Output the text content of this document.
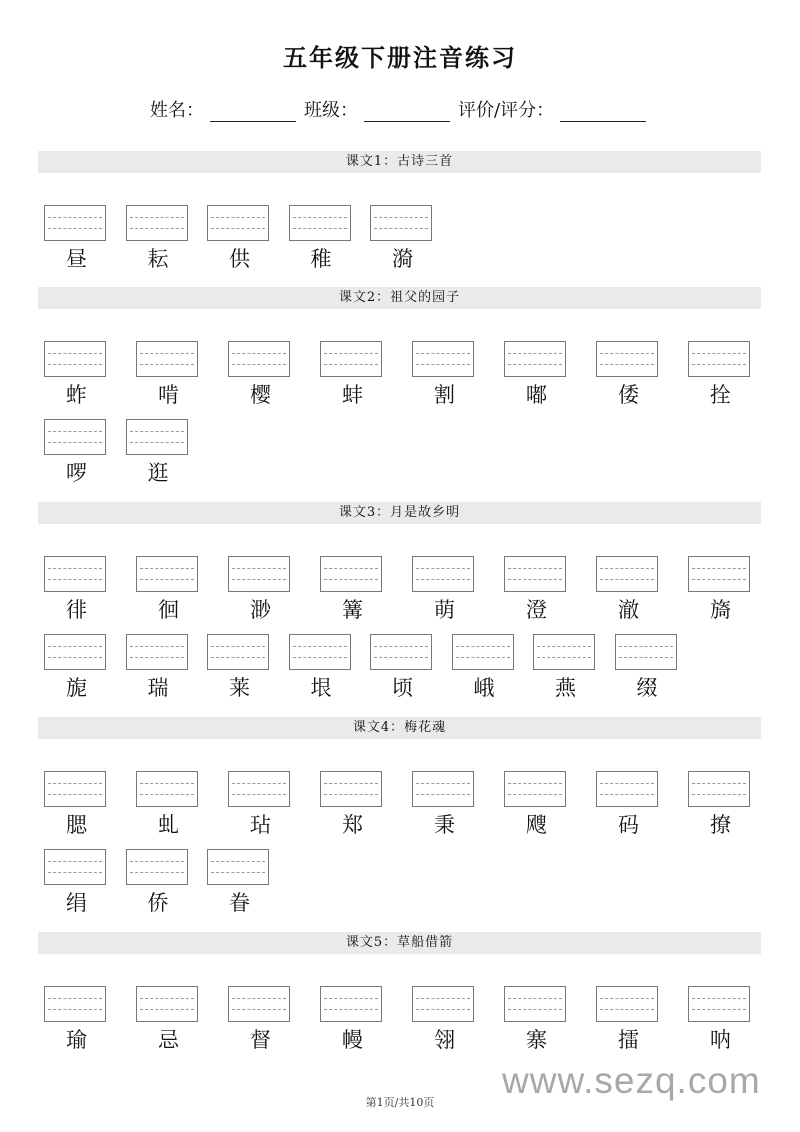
五年级下册注音练习
姓名：	班级：	评价/评分：
课文1：古诗三首
昼	耘	供	稚	漪
课文2：祖父的园子
蚱	啃	樱	蚌	割	嘟	倭	拴
啰	逛
课文3：月是故乡明
徘	徊	渺	篝	萌	澄	澈	旖
旎	瑞	莱	垠	顷	峨	燕	缀
课文4：梅花魂
腮	虬	玷	郑	秉	飕	码	撩
绢	侨	眷
课文5：草船借箭
瑜	忌	督	幔	翎	寨	擂	呐
www.sezq.com
第1页/共10页
